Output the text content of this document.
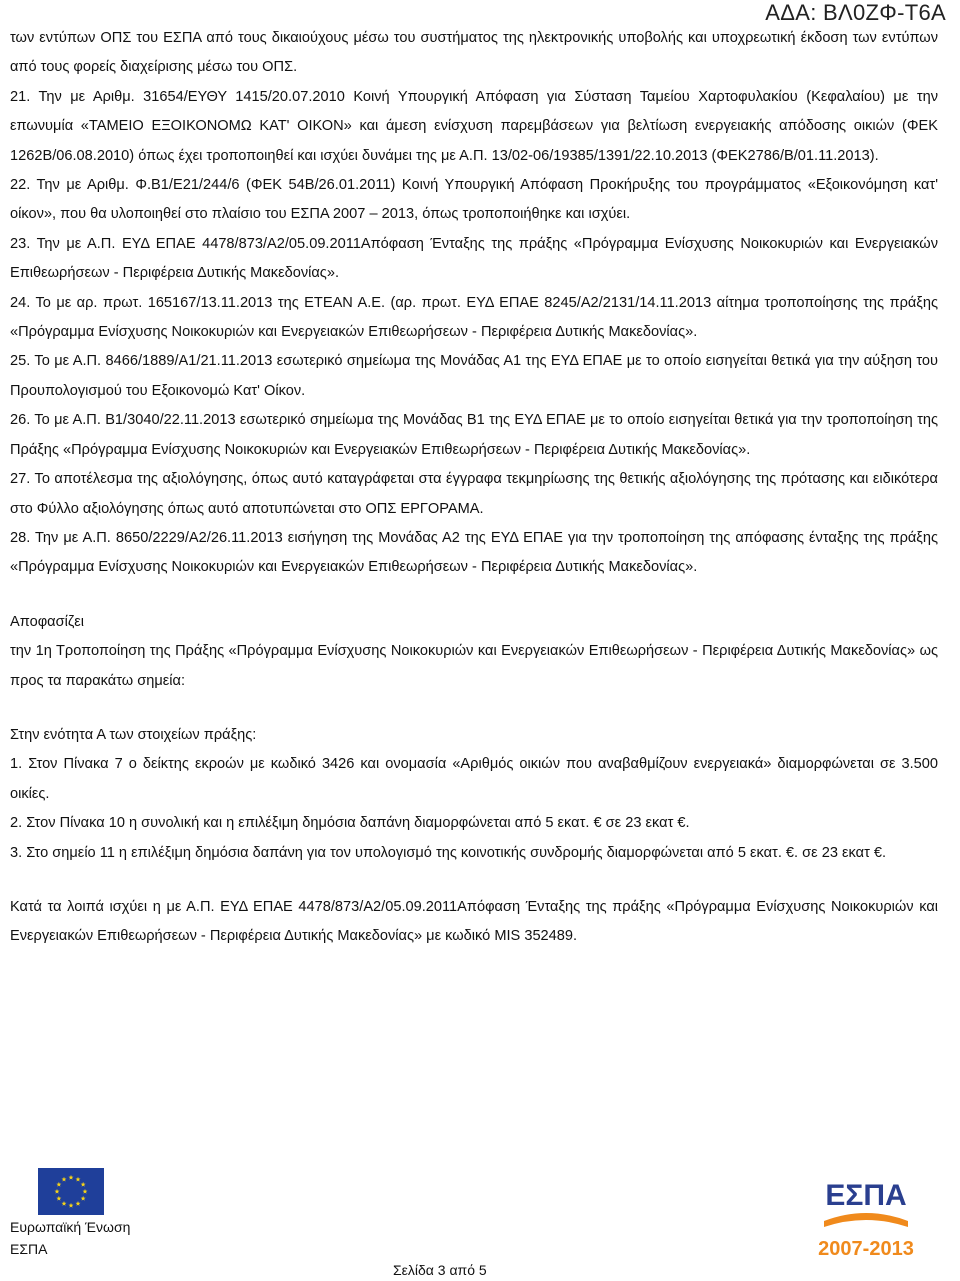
ΑΔΑ: ΒΛ0ΖΦ-Τ6Α

των εντύπων ΟΠΣ του ΕΣΠΑ από τους δικαιούχους μέσω του συστήματος της ηλεκτρονικής υποβολής και υποχρεωτική έκδοση των εντύπων από τους φορείς διαχείρισης μέσω του ΟΠΣ.

21. Την με Αριθμ. 31654/ΕΥΘΥ 1415/20.07.2010 Κοινή Υπουργική Απόφαση για Σύσταση Ταμείου Χαρτοφυλακίου (Κεφαλαίου) με την επωνυμία «ΤΑΜΕΙΟ ΕΞΟΙΚΟΝΟΜΩ ΚΑΤ' ΟΙΚΟΝ» και άμεση ενίσχυση παρεμβάσεων για βελτίωση ενεργειακής απόδοσης οικιών (ΦΕΚ 1262Β/06.08.2010) όπως έχει τροποποιηθεί και ισχύει δυνάμει της με Α.Π. 13/02-06/19385/1391/22.10.2013 (ΦΕΚ2786/Β/01.11.2013).

22. Την με Αριθμ. Φ.Β1/Ε21/244/6 (ΦΕΚ 54Β/26.01.2011) Κοινή Υπουργική Απόφαση Προκήρυξης του προγράμματος «Εξοικονόμηση κατ' οίκον», που θα υλοποιηθεί στο πλαίσιο του ΕΣΠΑ 2007 – 2013, όπως τροποποιήθηκε και ισχύει.

23. Την με Α.Π. ΕΥΔ ΕΠΑΕ 4478/873/Α2/05.09.2011Απόφαση Ένταξης της πράξης «Πρόγραμμα Ενίσχυσης Νοικοκυριών και Ενεργειακών Επιθεωρήσεων - Περιφέρεια Δυτικής Μακεδονίας».

24. Το με αρ. πρωτ. 165167/13.11.2013 της ΕΤΕΑΝ Α.Ε. (αρ. πρωτ. ΕΥΔ ΕΠΑΕ 8245/Α2/2131/14.11.2013 αίτημα τροποποίησης της πράξης «Πρόγραμμα Ενίσχυσης Νοικοκυριών και Ενεργειακών Επιθεωρήσεων - Περιφέρεια Δυτικής Μακεδονίας».

25. Το με Α.Π. 8466/1889/Α1/21.11.2013 εσωτερικό σημείωμα της Μονάδας Α1 της ΕΥΔ ΕΠΑΕ με το οποίο εισηγείται θετικά για την αύξηση του Προυπολογισμού του Εξοικονομώ Κατ' Οίκον.

26. Το με Α.Π. Β1/3040/22.11.2013 εσωτερικό σημείωμα της Μονάδας Β1 της ΕΥΔ ΕΠΑΕ με το οποίο εισηγείται θετικά για την τροποποίηση της Πράξης «Πρόγραμμα Ενίσχυσης Νοικοκυριών και Ενεργειακών Επιθεωρήσεων - Περιφέρεια Δυτικής Μακεδονίας».

27. Το αποτέλεσμα της αξιολόγησης, όπως αυτό καταγράφεται στα έγγραφα τεκμηρίωσης της θετικής αξιολόγησης της πρότασης και ειδικότερα στο Φύλλο αξιολόγησης όπως αυτό αποτυπώνεται στο ΟΠΣ ΕΡΓΟΡΑΜΑ.

28. Την με Α.Π. 8650/2229/Α2/26.11.2013 εισήγηση της Μονάδας Α2 της ΕΥΔ ΕΠΑΕ για την τροποποίηση της απόφασης ένταξης της πράξης «Πρόγραμμα Ενίσχυσης Νοικοκυριών και Ενεργειακών Επιθεωρήσεων - Περιφέρεια Δυτικής Μακεδονίας».

Αποφασίζει

την 1η Τροποποίηση της Πράξης «Πρόγραμμα Ενίσχυσης Νοικοκυριών και Ενεργειακών Επιθεωρήσεων - Περιφέρεια Δυτικής Μακεδονίας» ως προς τα παρακάτω σημεία:

Στην ενότητα Α των στοιχείων πράξης:

1. Στον Πίνακα 7 ο δείκτης εκροών με κωδικό 3426 και ονομασία «Αριθμός οικιών που αναβαθμίζουν ενεργειακά» διαμορφώνεται σε 3.500 οικίες.

2. Στον Πίνακα 10 η συνολική και η επιλέξιμη δημόσια δαπάνη διαμορφώνεται από 5 εκατ. € σε 23 εκατ €.

3. Στο σημείο 11 η επιλέξιμη δημόσια δαπάνη για τον υπολογισμό της κοινοτικής συνδρομής διαμορφώνεται από 5 εκατ. €. σε 23 εκατ €.

Κατά τα λοιπά ισχύει η με Α.Π. ΕΥΔ ΕΠΑΕ 4478/873/Α2/05.09.2011Απόφαση Ένταξης της πράξης «Πρόγραμμα Ενίσχυσης Νοικοκυριών και Ενεργειακών Επιθεωρήσεων - Περιφέρεια Δυτικής Μακεδονίας» με κωδικό MIS 352489.

Ευρωπαϊκή Ένωση
ΕΣΠΑ
Σελίδα 3 από 5
ΕΣΠΑ
2007-2013
